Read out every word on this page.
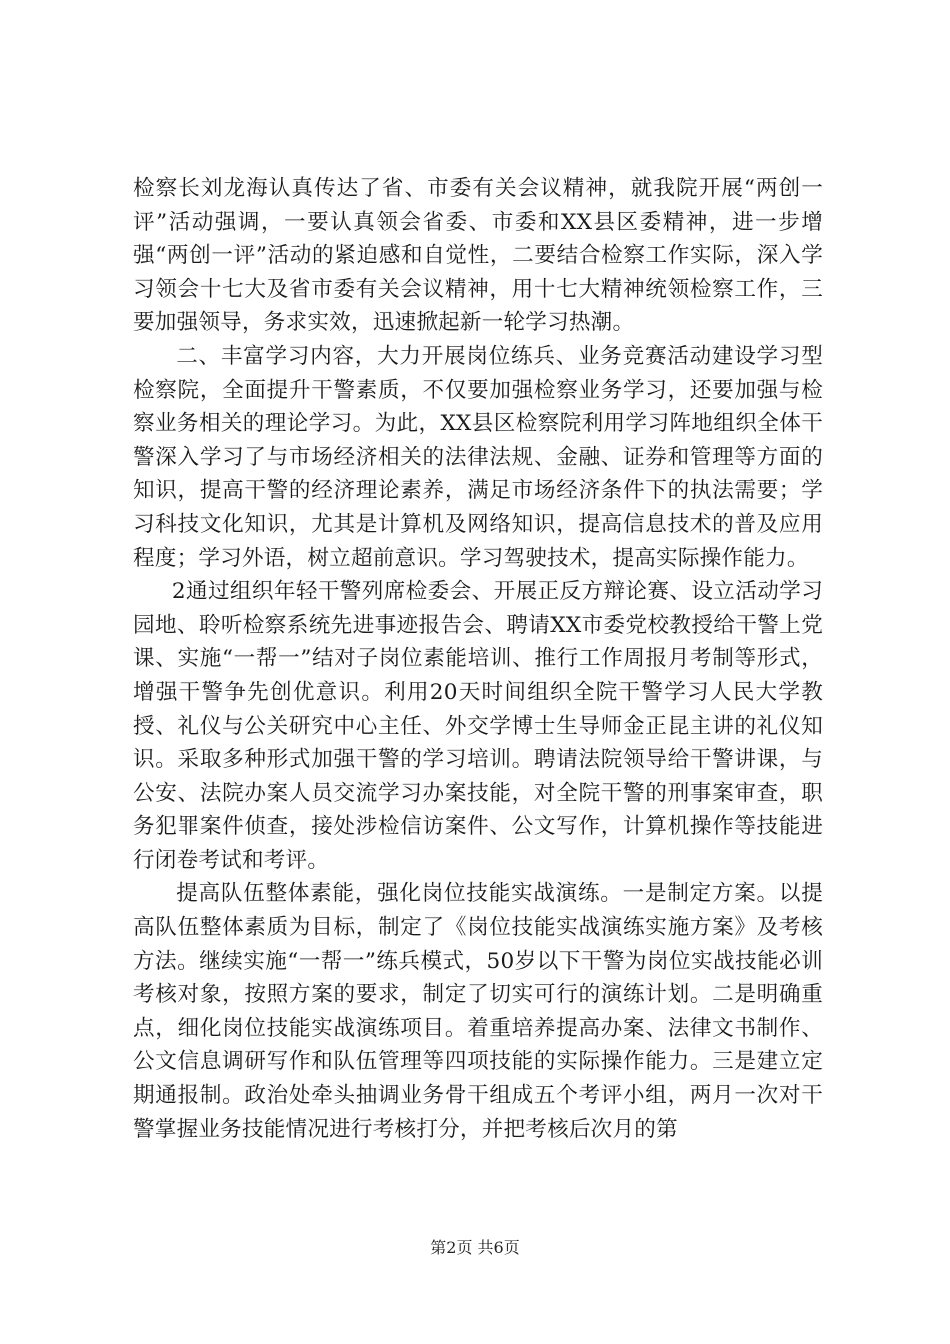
检察长刘龙海认真传达了省、市委有关会议精神，就我院开展“两创一评”活动强调，一要认真领会省委、市委和XX县区委精神，进一步增强“两创一评”活动的紧迫感和自觉性，二要结合检察工作实际，深入学习领会十七大及省市委有关会议精神，用十七大精神统领检察工作，三要加强领导，务求实效，迅速掀起新一轮学习热潮。

二、丰富学习内容，大力开展岗位练兵、业务竞赛活动建设学习型检察院，全面提升干警素质，不仅要加强检察业务学习，还要加强与检察业务相关的理论学习。为此，XX县区检察院利用学习阵地组织全体干警深入学习了与市场经济相关的法律法规、金融、证券和管理等方面的知识，提高干警的经济理论素养，满足市场经济条件下的执法需要；学习科技文化知识，尤其是计算机及网络知识，提高信息技术的普及应用程度；学习外语，树立超前意识。学习驾驶技术，提高实际操作能力。

2通过组织年轻干警列席检委会、开展正反方辩论赛、设立活动学习园地、聆听检察系统先进事迹报告会、聘请XX市委党校教授给干警上党课、实施“一帮一”结对子岗位素能培训、推行工作周报月考制等形式，增强干警争先创优意识。利用20天时间组织全院干警学习人民大学教授、礼仪与公关研究中心主任、外交学博士生导师金正昆主讲的礼仪知识。采取多种形式加强干警的学习培训。聘请法院领导给干警讲课，与公安、法院办案人员交流学习办案技能，对全院干警的刑事案审查，职务犯罪案件侦查，接处涉检信访案件、公文写作，计算机操作等技能进行闭卷考试和考评。

提高队伍整体素能，强化岗位技能实战演练。一是制定方案。以提高队伍整体素质为目标，制定了《岗位技能实战演练实施方案》及考核方法。继续实施“一帮一”练兵模式，50岁以下干警为岗位实战技能必训考核对象，按照方案的要求，制定了切实可行的演练计划。二是明确重点，细化岗位技能实战演练项目。着重培养提高办案、法律文书制作、公文信息调研写作和队伍管理等四项技能的实际操作能力。三是建立定期通报制。政治处牵头抽调业务骨干组成五个考评小组，两月一次对干警掌握业务技能情况进行考核打分，并把考核后次月的第

第2页 共6页
